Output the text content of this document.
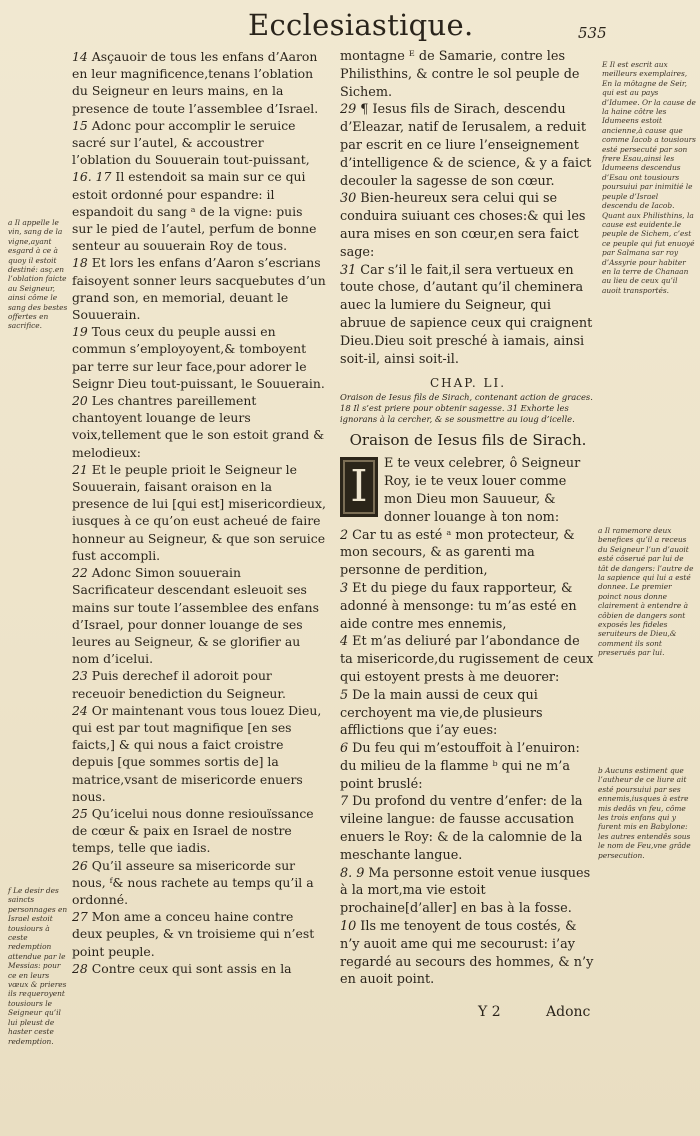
Ecclesiastique.	535

14 Asçauoir de tous les enfans d’Aaron en leur magnificence,tenans l’oblation du Seigneur en leurs mains, en la presence de toute l’assemblee d’Israel.

15 Adonc pour accomplir le seruice sacré sur l’autel, & accoustrer l’oblation du Souuerain tout-puissant,

16. 17 Il estendoit sa main sur ce qui estoit ordonné pour espandre: il espandoit du sang ᵃ de la vigne: puis sur le pied de l’autel, perfum de bonne senteur au souuerain Roy de tous.

18 Et lors les enfans d’Aaron s’escrians faisoyent sonner leurs sacquebutes d’un grand son, en memorial, deuant le Souuerain.

19 Tous ceux du peuple aussi en commun s’employoyent,& tomboyent par terre sur leur face,pour adorer le Seignr Dieu tout-puissant, le Souuerain.

20 Les chantres pareillement chantoyent louange de leurs voix,tellement que le son estoit grand & melodieux:

21 Et le peuple prioit le Seigneur le Souuerain, faisant oraison en la presence de lui [qui est] misericordieux, iusques à ce qu’on eust acheué de faire honneur au Seigneur, & que son seruice fust accompli.

22 Adonc Simon souuerain Sacrificateur descendant esleuoit ses mains sur toute l’assemblee des enfans d’Israel, pour donner louange de ses leures au Seigneur, & se glorifier au nom d’icelui.

23 Puis derechef il adoroit pour receuoir benediction du Seigneur.

24 Or maintenant vous tous louez Dieu, qui est par tout magnifique [en ses faicts,] & qui nous a faict croistre depuis [que sommes sortis de] la matrice,vsant de misericorde enuers nous.

25 Qu’icelui nous donne resiouïssance de cœur & paix en Israel de nostre temps, telle que iadis.

26 Qu’il asseure sa misericorde sur nous, ᶠ& nous rachete au temps qu’il a ordonné.

27 Mon ame a conceu haine contre deux peuples, & vn troisieme qui n’est point peuple.

28 Contre ceux qui sont assis en la

montagne ᴱ de Samarie, contre les Philisthins, & contre le sol peuple de Sichem.

29 ¶ Iesus fils de Sirach, descendu d’Eleazar, natif de Ierusalem, a reduit par escrit en ce liure l’enseignement d’intelligence & de science, & y a faict decouler la sagesse de son cœur.

30 Bien-heureux sera celui qui se conduira suiuant ces choses:& qui les aura mises en son cœur,en sera faict sage:

31 Car s’il le fait,il sera vertueux en toute chose, d’autant qu’il cheminera auec la lumiere du Seigneur, qui abruue de sapience ceux qui craignent Dieu.Dieu soit presché à iamais, ainsi soit-il, ainsi soit-il.

CHAP. LI.
Oraison de Iesus fils de Sirach, contenant action de graces. 18 Il s’est priere pour obtenir sagesse. 31 Exhorte les ignorans à la cercher, & se sousmettre au ioug d’icelle.
Oraison de Iesus fils de Sirach.

I	E te veux celebrer, ô Seigneur Roy, ie te veux louer comme mon Dieu mon Sauueur, & donner louange à ton nom:

2 Car tu as esté ᵃ mon protecteur, & mon secours, & as garenti ma personne de perdition,

3 Et du piege du faux rapporteur, & adonné à mensonge: tu m’as esté en aide contre mes ennemis,

4 Et m’as deliuré par l’abondance de ta misericorde,du rugissement de ceux qui estoyent prests à me deuorer:

5 De la main aussi de ceux qui cerchoyent ma vie,de plusieurs afflictions que i’ay eues:

6 Du feu qui m’estouffoit à l’enuiron: du milieu de la flamme ᵇ qui ne m’a point bruslé:

7 Du profond du ventre d’enfer: de la vileine langue: de fausse accusation enuers le Roy: & de la calomnie de la meschante langue.

8. 9 Ma personne estoit venue iusques à la mort,ma vie estoit prochaine[d’aller] en bas à la fosse.

10 Ils me tenoyent de tous costés, & n’y auoit ame qui me secourust: i’ay regardé au secours des hommes, & n’y en auoit point.

a Il appelle le vin, sang de la vigne,ayant esgard à ce à quoy il estoit destiné: asç.en l’oblation faicte au Seigneur, ainsi côme le sang des bestes offertes en sacrifice.
f Le desir des saincts personnages en Israel estoit tousiours à ceste redemption attendue par le Messias: pour ce en leurs vœux & prieres ils requeroyent tousiours le Seigneur qu’il lui pleust de haster ceste redemption.
E Il est escrit aux meilleurs exemplaires, En la môtagne de Seir, qui est au pays d’Idumee. Or la cause de la haine côtre les Idumeens estoit ancienne,à cause que comme Iacob a tousiours esté persecuté par son frere Esau,ainsi les Idumeens descendus d’Esau ont tousiours poursuiui par inimitié le peuple d’Israel descendu de Iacob. Quant aux Philisthins, la cause est euidente.le peuple de Sichem, c’est ce peuple qui fut enuoyé par Salmana sar roy d’Assyrie pour habiter en la terre de Chanaan au lieu de ceux qu’il auoit transportés.
a Il ramemore deux benefices qu’il a receus du Seigneur l’un d’auoit esté côserué par lui de tât de dangers: l’autre de la sapience qui lui a esté donnee. Le premier poinct nous donne clairement à entendre à côbien de dangers sont exposés les fideles seruiteurs de Dieu,& comment ils sont preserués par lui.
b Aucuns estiment que l’autheur de ce liure ait esté poursuiui par ses ennemis,iusques à estre mis dedâs vn feu, côme les trois enfans qui y furent mis en Babylone: les autres entendês sous le nom de Feu,vne grâde persecution.
Y 2	Adonc
